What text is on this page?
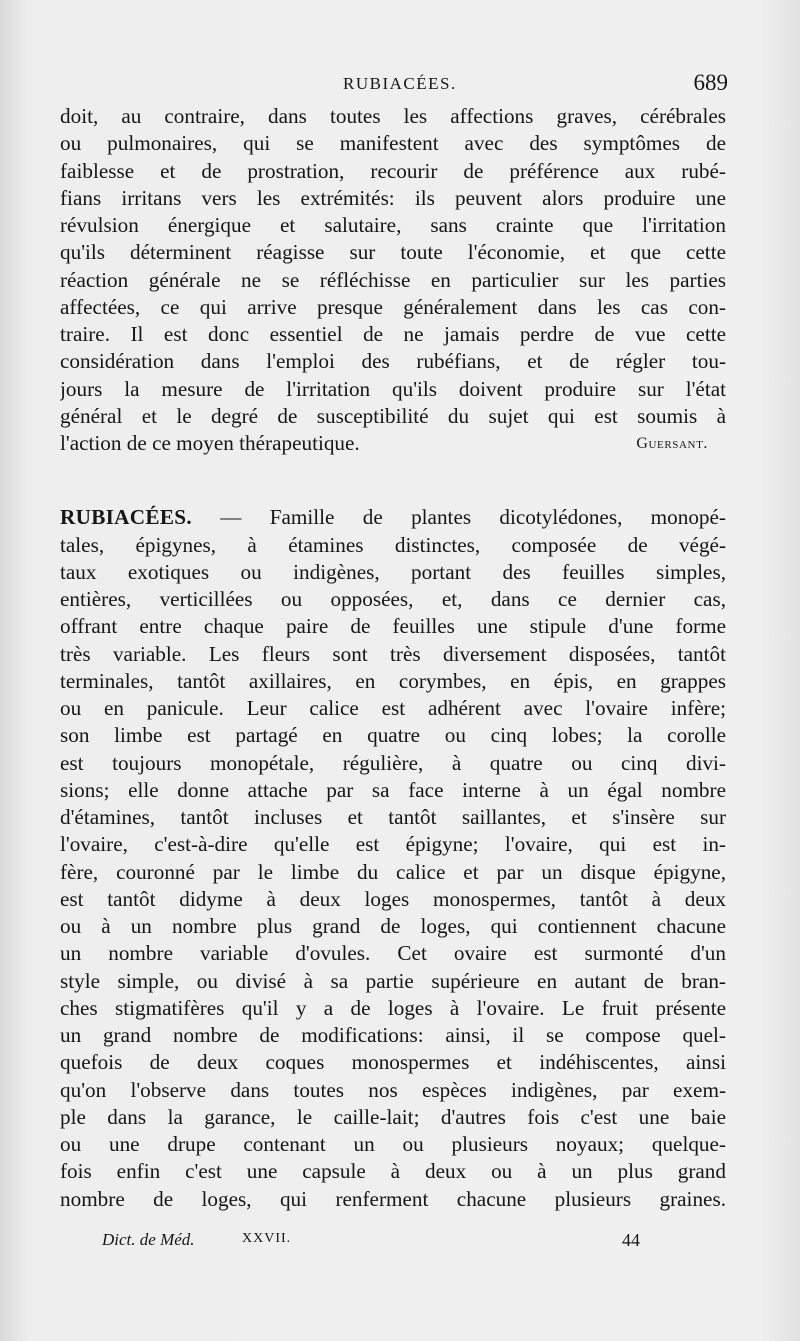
RUBIACÉES.	689
doit, au contraire, dans toutes les affections graves, cérébrales
ou pulmonaires, qui se manifestent avec des symptômes de
faiblesse et de prostration, recourir de préférence aux rubé-
fians irritans vers les extrémités: ils peuvent alors produire une
révulsion énergique et salutaire, sans crainte que l'irritation
qu'ils déterminent réagisse sur toute l'économie, et que cette
réaction générale ne se réfléchisse en particulier sur les parties
affectées, ce qui arrive presque généralement dans les cas con-
traire. Il est donc essentiel de ne jamais perdre de vue cette
considération dans l'emploi des rubéfians, et de régler tou-
jours la mesure de l'irritation qu'ils doivent produire sur l'état
général et le degré de susceptibilité du sujet qui est soumis à
l'action de ce moyen thérapeutique.	Guersant.
RUBIACÉES. — Famille de plantes dicotylédones, monopé-
tales, épigynes, à étamines distinctes, composée de végé-
taux exotiques ou indigènes, portant des feuilles simples,
entières, verticillées ou opposées, et, dans ce dernier cas,
offrant entre chaque paire de feuilles une stipule d'une forme
très variable. Les fleurs sont très diversement disposées, tantôt
terminales, tantôt axillaires, en corymbes, en épis, en grappes
ou en panicule. Leur calice est adhérent avec l'ovaire infère;
son limbe est partagé en quatre ou cinq lobes; la corolle
est toujours monopétale, régulière, à quatre ou cinq divi-
sions; elle donne attache par sa face interne à un égal nombre
d'étamines, tantôt incluses et tantôt saillantes, et s'insère sur
l'ovaire, c'est-à-dire qu'elle est épigyne; l'ovaire, qui est in-
fère, couronné par le limbe du calice et par un disque épigyne,
est tantôt didyme à deux loges monospermes, tantôt à deux
ou à un nombre plus grand de loges, qui contiennent chacune
un nombre variable d'ovules. Cet ovaire est surmonté d'un
style simple, ou divisé à sa partie supérieure en autant de bran-
ches stigmatifères qu'il y a de loges à l'ovaire. Le fruit présente
un grand nombre de modifications: ainsi, il se compose quel-
quefois de deux coques monospermes et indéhiscentes, ainsi
qu'on l'observe dans toutes nos espèces indigènes, par exem-
ple dans la garance, le caille-lait; d'autres fois c'est une baie
ou une drupe contenant un ou plusieurs noyaux; quelque-
fois enfin c'est une capsule à deux ou à un plus grand
nombre de loges, qui renferment chacune plusieurs graines.
Dict. de Méd.	XXVII.	44
